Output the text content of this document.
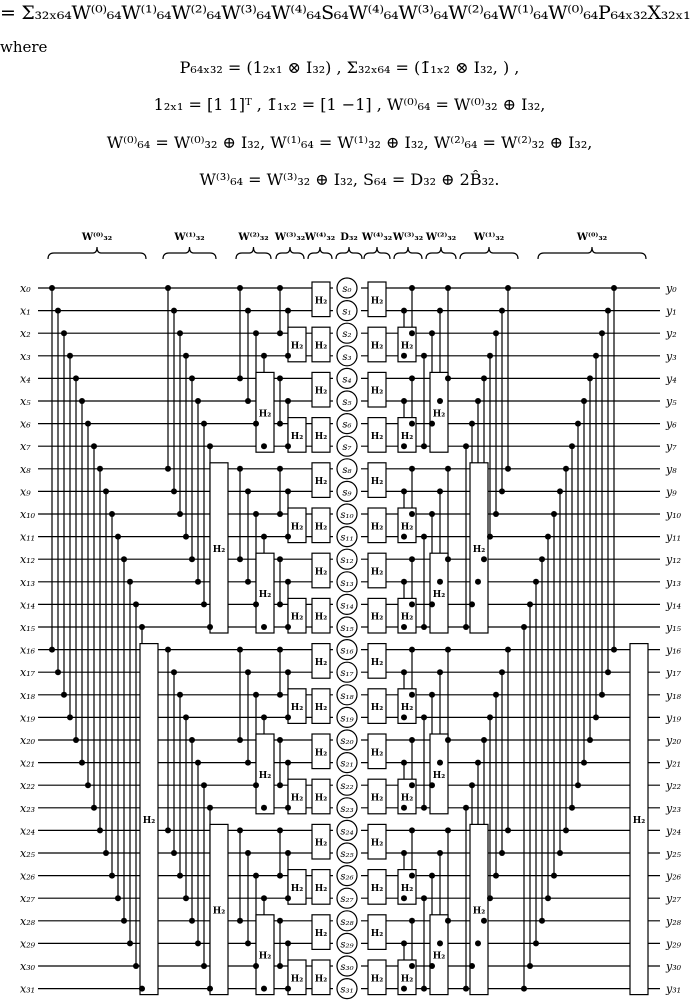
= Σ₃₂ₓ₆₄W⁽⁰⁾₆₄W⁽¹⁾₆₄W⁽²⁾₆₄W⁽³⁾₆₄W⁽⁴⁾₆₄S₆₄W⁽⁴⁾₆₄W⁽³⁾₆₄W⁽²⁾₆₄W⁽¹⁾₆₄W⁽⁰⁾₆₄P₆₄ₓ₃₂X₃₂ₓ₁
where
P₆₄ₓ₃₂ = (1₂ₓ₁ ⊗ I₃₂) , Σ₃₂ₓ₆₄ = (1̄₁ₓ₂ ⊗ I₃₂, ) ,
1₂ₓ₁ = [1 1]ᵀ , 1̄₁ₓ₂ = [1 −1] , W⁽⁰⁾₆₄ = W⁽⁰⁾₃₂ ⊕ I₃₂,
W⁽⁰⁾₆₄ = W⁽⁰⁾₃₂ ⊕ I₃₂, W⁽¹⁾₆₄ = W⁽¹⁾₃₂ ⊕ I₃₂, W⁽²⁾₆₄ = W⁽²⁾₃₂ ⊕ I₃₂,
W⁽³⁾₆₄ = W⁽³⁾₃₂ ⊕ I₃₂, S₆₄ = D₃₂ ⊕ 2B̂₃₂.
W⁽⁰⁾₃₂	W⁽¹⁾₃₂	W⁽²⁾₃₂ W⁽³⁾₃₂ W⁽⁴⁾₃₂ D₃₂ W⁽⁴⁾₃₂ W⁽³⁾₃₂ W⁽²⁾₃₂ W⁽¹⁾₃₂	W⁽⁰⁾₃₂
x₀	y₀
s₀
x₁	y₁
s₁
x₂	y₂
s₂
x₃	y₃
s₃
x₄	y₄
s₄
x₅	y₅
s₅
x₆	y₆
s₆
x₇	y₇
s₇
x₈	y₈
s₈
x₉	y₉
s₉
x₁₀	y₁₀
s₁₀
x₁₁	y₁₁
s₁₁
x₁₂	y₁₂
s₁₂
x₁₃	y₁₃
s₁₃
x₁₄	y₁₄
s₁₄
x₁₅	y₁₅
s₁₅
x₁₆	y₁₆
s₁₆
x₁₇	y₁₇
s₁₇
x₁₈	y₁₈
s₁₈
x₁₉	y₁₉
s₁₉
x₂₀	y₂₀
s₂₀
x₂₁	y₂₁
s₂₁
x₂₂	y₂₂
s₂₂
x₂₃	y₂₃
s₂₃
x₂₄	y₂₄
s₂₄
x₂₅	y₂₅
s₂₅
x₂₆	y₂₆
s₂₆
x₂₇	y₂₇
s₂₇
x₂₈	y₂₈
s₂₈
x₂₉	y₂₉
s₂₉
x₃₀	y₃₀
s₃₀
x₃₁	y₃₁
s₃₁
H₂	H₂
H₂	H₂
H₂	H₂
H₂	H₂
H₂	H₂
H₂	H₂
H₂	H₂
H₂	H₂
H₂	H₂
H₂	H₂
H₂	H₂
H₂	H₂
H₂	H₂
H₂	H₂
H₂	H₂
H₂	H₂
H₂	H₂
H₂	H₂
H₂	H₂
H₂	H₂
H₂	H₂
H₂	H₂
H₂	H₂
H₂	H₂
H₂	H₂
H₂	H₂
H₂	H₂
H₂	H₂
H₂	H₂
H₂	H₂
H₂	H₂
